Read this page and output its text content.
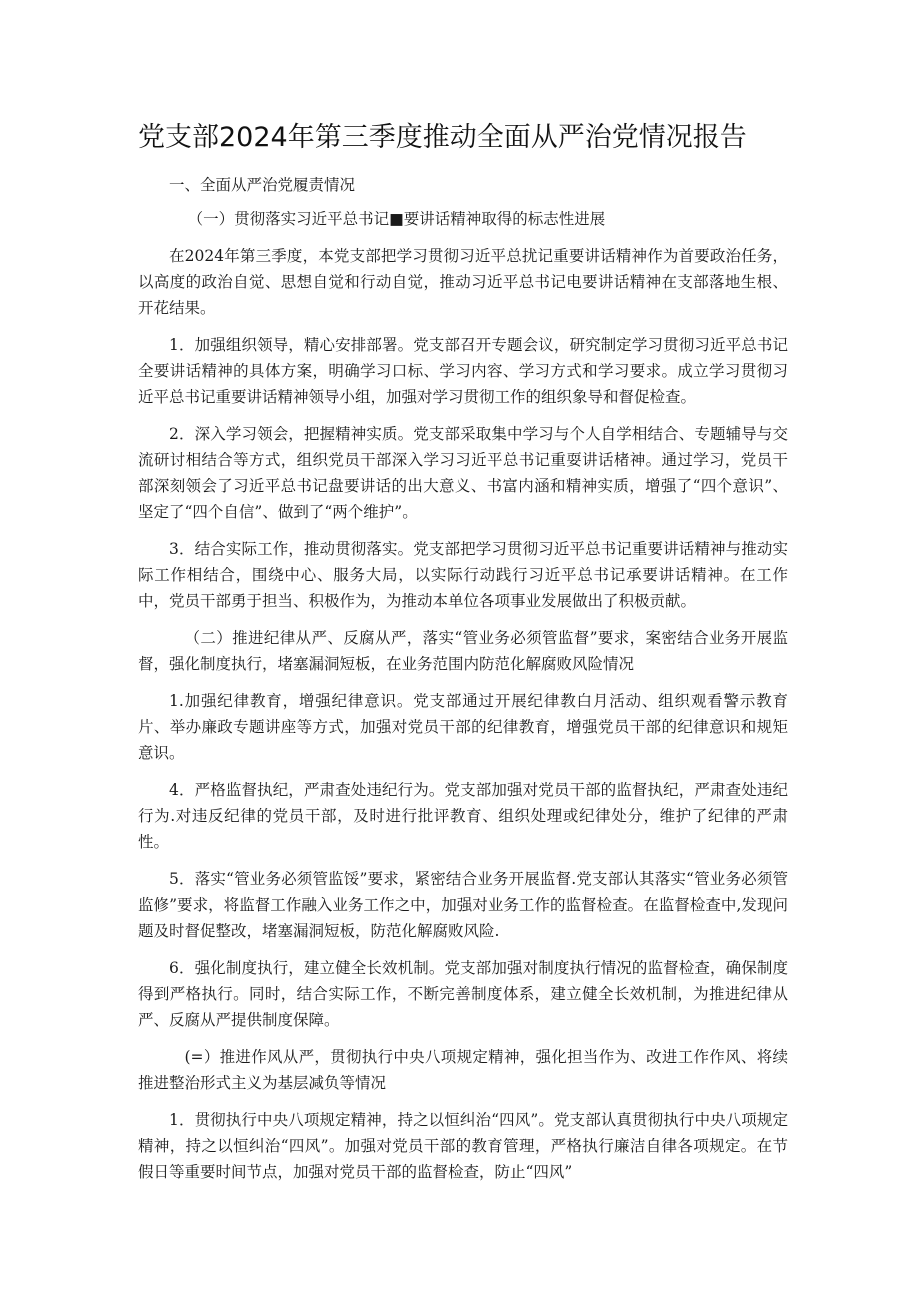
党支部2024年第三季度推动全面从严治党情况报告

一、全面从严治党履责情况

（一）贯彻落实习近平总书记■要讲话精神取得的标志性进展

在2024年第三季度，本党支部把学习贯彻习近平总扰记重要讲话精神作为首要政治任务，以高度的政治自觉、思想自觉和行动自觉，推动习近平总书记电要讲话精神在支部落地生根、开花结果。

1．加强组织领导，精心安排部署。党支部召开专题会议，研究制定学习贯彻习近平总书记全要讲话精神的具体方案，明确学习口标、学习内容、学习方式和学习要求。成立学习贯彻习近平总书记重要讲话精神领导小组，加强对学习贯彻工作的组织象导和督促检查。

2．深入学习领会，把握精神实质。党支部采取集中学习与个人自学相结合、专题辅导与交流研讨相结合等方式，组织党员干部深入学习习近平总书记重耍讲话楮神。通过学习，党员干部深刻领会了习近平总书记盘要讲话的出大意义、书富内涵和精神实质，增强了“四个意识”、坚定了“四个自信”、做到了“两个维护”。

3．结合实际工作，推动贯彻落实。党支部把学习贯彻习近平总书记重要讲话精神与推动实际工作相结合，围绕中心、服务大局，以实际行动践行习近平总书记承要讲话精神。在工作中，党员干部勇于担当、积极作为，为推动本单位各项事业发展做出了积极贡献。

（二）推进纪律从严、反腐从严，落实“管业务必须管监督”要求，案密结合业务开展监督，强化制度执行，堵塞漏洞短板，在业务范围内防范化解腐败风险情况

1.加强纪律教育，增强纪律意识。党支部通过开展纪律教白月活动、组织观看警示教育片、举办廉政专题讲座等方式，加强对党员干部的纪律教育，增强党员干部的纪律意识和规矩意识。

4．严格监督执纪，严肃查处违纪行为。党支部加强对党员干部的监督执纪，严肃查处违纪行为.对违反纪律的党员干部，及时进行批评教育、组织处理或纪律处分，维护了纪律的严肃性。

5．落实“管业务必须管监馁”要求，紧密结合业务开展监督.党支部认其落实“管业务必须管监修”要求，将监督工作融入业务工作之中，加强对业务工作的监督检查。在监督检查中,发现问题及时督促整改，堵塞漏洞短板，防范化解腐败风险.

6．强化制度执行，建立健全长效机制。党支部加强对制度执行情况的监督检查，确保制度得到严格执行。同时，结合实际工作，不断完善制度体系，建立健全长效机制，为推进纪律从严、反腐从严提供制度保障。

(=）推进作风从严，贯彻执行中央八项规定精神，强化担当作为、改进工作作风、将续推进整治形式主义为基层减负等情况

1．贯彻执行中央八项规定精神，持之以恒纠治“四风”。党支部认真贯彻执行中央八项规定精神，持之以恒纠治“四风”。加强对党员干部的教育管理，严格执行廉洁自律各项规定。在节假日等重要时间节点，加强对党员干部的监督检查，防止“四风”
